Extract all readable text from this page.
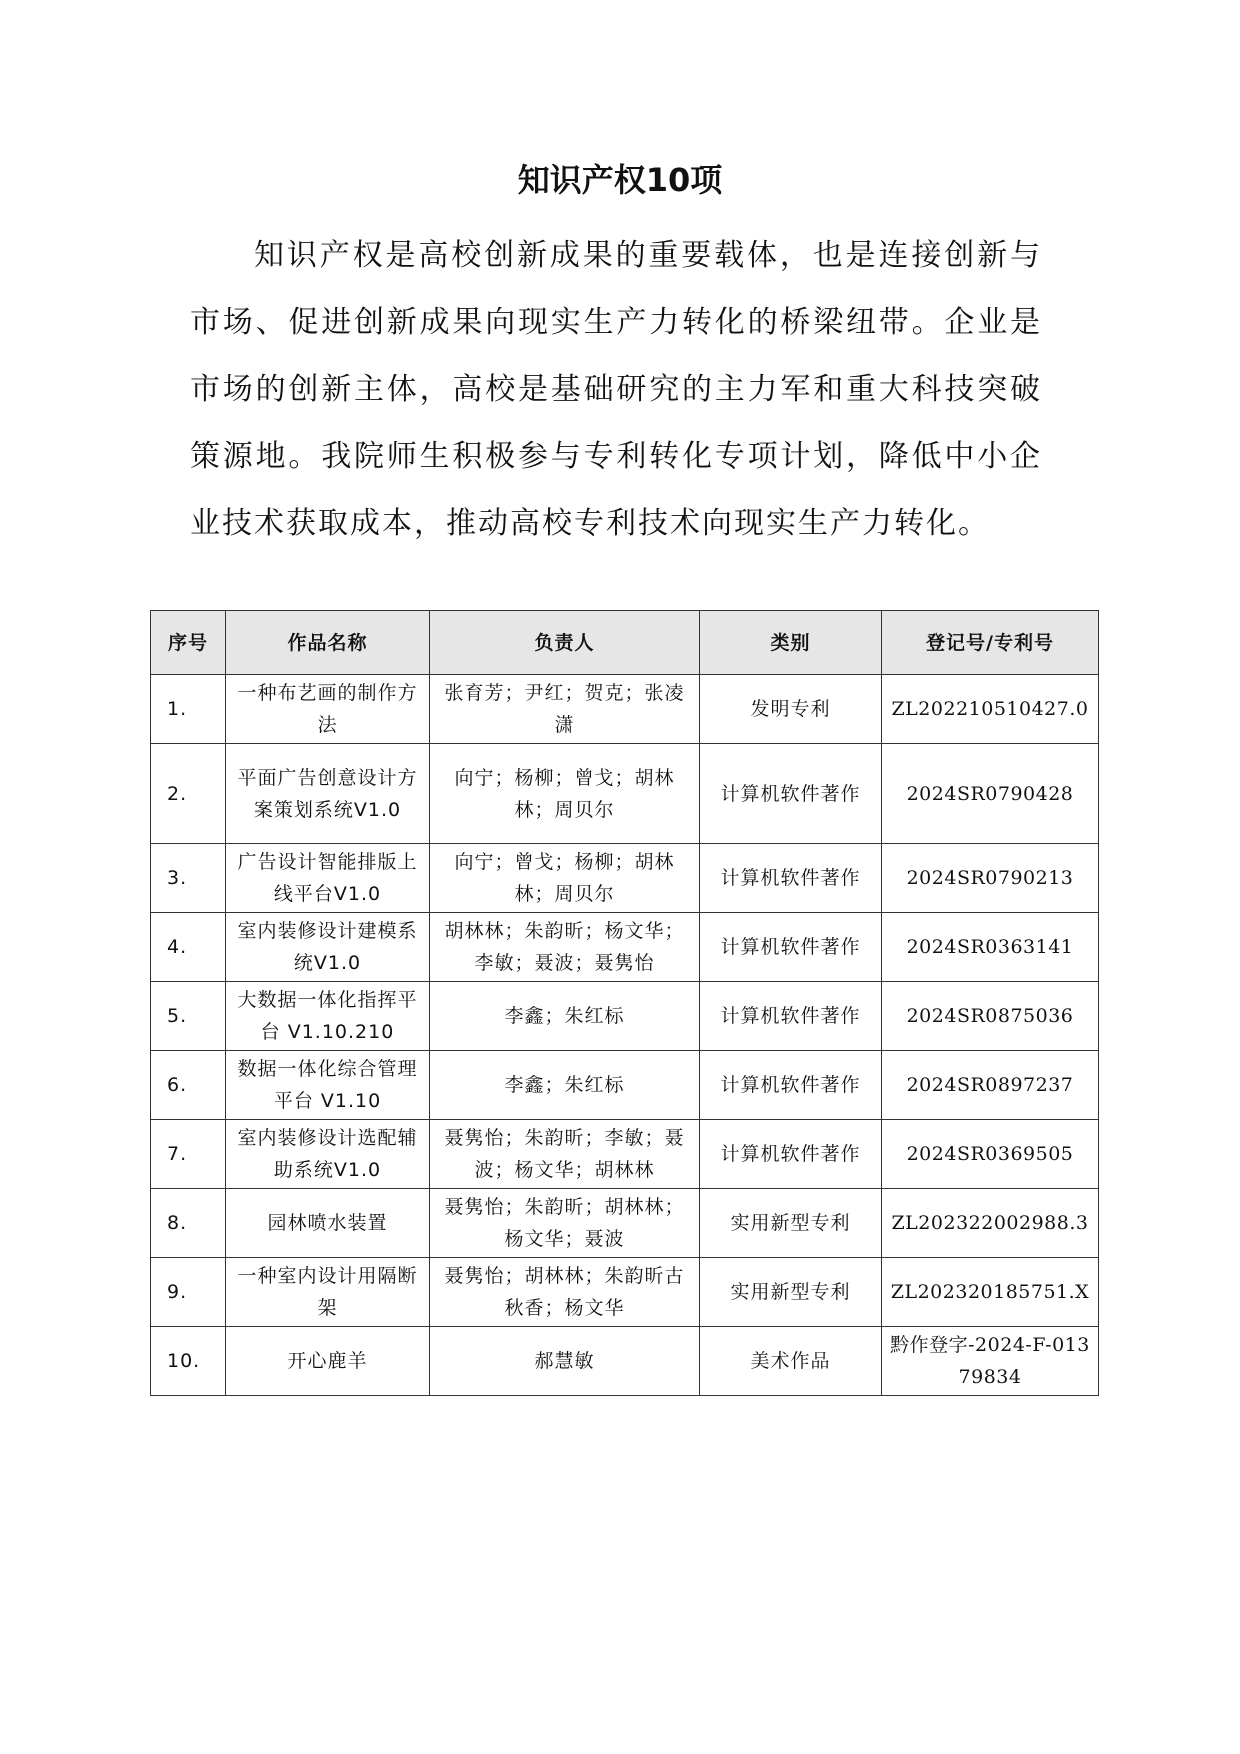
知识产权10项

知识产权是高校创新成果的重要载体，也是连接创新与市场、促进创新成果向现实生产力转化的桥梁纽带。企业是市场的创新主体，高校是基础研究的主力军和重大科技突破策源地。我院师生积极参与专利转化专项计划，降低中小企业技术获取成本，推动高校专利技术向现实生产力转化。

序号	作品名称	负责人	类别	登记号/专利号
1.	一种布艺画的制作方法	张育芳；尹红；贺克；张凌潇	发明专利	ZL202210510427.0
2.	平面广告创意设计方案策划系统V1.0	向宁；杨柳；曾戈；胡林林；周贝尔	计算机软件著作	2024SR0790428
3.	广告设计智能排版上线平台V1.0	向宁；曾戈；杨柳；胡林林；周贝尔	计算机软件著作	2024SR0790213
4.	室内装修设计建模系统V1.0	胡林林；朱韵昕；杨文华；李敏；聂波；聂隽怡	计算机软件著作	2024SR0363141
5.	大数据一体化指挥平台 V1.10.210	李鑫；朱红标	计算机软件著作	2024SR0875036
6.	数据一体化综合管理平台 V1.10	李鑫；朱红标	计算机软件著作	2024SR0897237
7.	室内装修设计选配辅助系统V1.0	聂隽怡；朱韵昕；李敏；聂波；杨文华；胡林林	计算机软件著作	2024SR0369505
8.	园林喷水装置	聂隽怡；朱韵昕；胡林林；杨文华；聂波	实用新型专利	ZL202322002988.3
9.	一种室内设计用隔断架	聂隽怡；胡林林；朱韵昕古秋香；杨文华	实用新型专利	ZL202320185751.X
10.	开心鹿羊	郝慧敏	美术作品	黔作登字-2024-F-01379834
